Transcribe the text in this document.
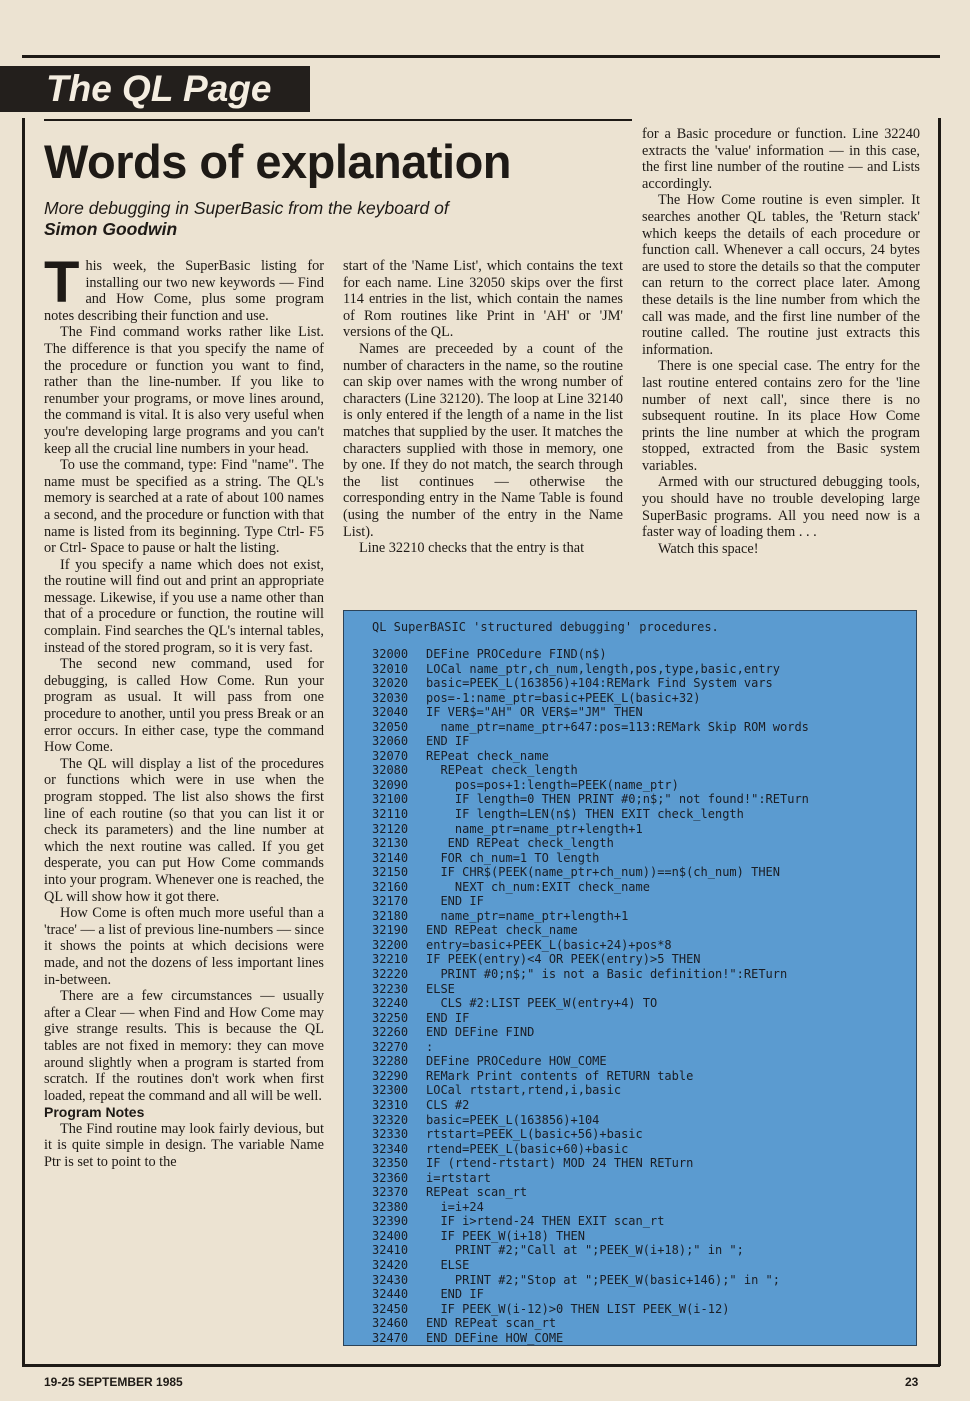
The QL Page
Words of explanation
More debugging in SuperBasic from the keyboard of
Simon Goodwin

This week, the SuperBasic listing for installing our two new keywords — Find and How Come, plus some program notes describing their function and use.

The Find command works rather like List. The difference is that you specify the name of the procedure or function you want to find, rather than the line-number. If you like to renumber your programs, or move lines around, the command is vital. It is also very useful when you're developing large programs and you can't keep all the crucial line numbers in your head.

To use the command, type: Find "name". The name must be specified as a string. The QL's memory is searched at a rate of about 100 names a second, and the procedure or function with that name is listed from its beginning. Type Ctrl- F5 or Ctrl- Space to pause or halt the listing.

If you specify a name which does not exist, the routine will find out and print an appropriate message. Likewise, if you use a name other than that of a procedure or function, the routine will complain. Find searches the QL's internal tables, instead of the stored program, so it is very fast.

The second new command, used for debugging, is called How Come. Run your program as usual. It will pass from one procedure to another, until you press Break or an error occurs. In either case, type the command How Come.

The QL will display a list of the procedures or functions which were in use when the program stopped. The list also shows the first line of each routine (so that you can list it or check its parameters) and the line number at which the next routine was called. If you get desperate, you can put How Come commands into your program. Whenever one is reached, the QL will show how it got there.

How Come is often much more useful than a 'trace' — a list of previous line-numbers — since it shows the points at which decisions were made, and not the dozens of less important lines in-between.

There are a few circumstances — usually after a Clear — when Find and How Come may give strange results. This is because the QL tables are not fixed in memory: they can move around slightly when a program is started from scratch. If the routines don't work when first loaded, repeat the command and all will be well.

Program Notes

The Find routine may look fairly devious, but it is quite simple in design. The variable Name Ptr is set to point to the

start of the 'Name List', which contains the text for each name. Line 32050 skips over the first 114 entries in the list, which contain the names of Rom routines like Print in 'AH' or 'JM' versions of the QL.

Names are preceeded by a count of the number of characters in the name, so the routine can skip over names with the wrong number of characters (Line 32120). The loop at Line 32140 is only entered if the length of a name in the list matches that supplied by the user. It matches the characters supplied with those in memory, one by one. If they do not match, the search through the list continues — otherwise the corresponding entry in the Name Table is found (using the number of the entry in the Name List).

Line 32210 checks that the entry is that

for a Basic procedure or function. Line 32240 extracts the 'value' information — in this case, the first line number of the routine — and Lists accordingly.

The How Come routine is even simpler. It searches another QL tables, the 'Return stack' which keeps the details of each procedure or function call. Whenever a call occurs, 24 bytes are used to store the details so that the computer can return to the correct place later. Among these details is the line number from which the call was made, and the first line number of the routine called. The routine just extracts this information.

There is one special case. The entry for the last routine entered contains zero for the 'line number of next call', since there is no subsequent routine. In its place How Come prints the line number at which the program stopped, extracted from the Basic system variables.

Armed with our structured debugging tools, you should have no trouble developing large SuperBasic programs. All you need now is a faster way of loading them . . .

Watch this space!

QL SuperBASIC 'structured debugging' procedures.
32000 DEFine PROCedure FIND(n$)
32010 LOCal name_ptr,ch_num,length,pos,type,basic,entry
32020 basic=PEEK_L(163856)+104:REMark Find System vars
32030 pos=-1:name_ptr=basic+PEEK_L(basic+32)
32040 IF VER$="AH" OR VER$="JM" THEN
32050  name_ptr=name_ptr+647:pos=113:REMark Skip ROM words
32060 END IF
32070 REPeat check_name
32080  REPeat check_length
32090    pos=pos+1:length=PEEK(name_ptr)
32100    IF length=0 THEN PRINT #0;n$;" not found!":RETurn
32110    IF length=LEN(n$) THEN EXIT check_length
32120    name_ptr=name_ptr+length+1
32130   END REPeat check_length
32140  FOR ch_num=1 TO length
32150  IF CHR$(PEEK(name_ptr+ch_num))==n$(ch_num) THEN
32160    NEXT ch_num:EXIT check_name
32170  END IF
32180  name_ptr=name_ptr+length+1
32190 END REPeat check_name
32200 entry=basic+PEEK_L(basic+24)+pos*8
32210 IF PEEK(entry)<4 OR PEEK(entry)>5 THEN
32220  PRINT #0;n$;" is not a Basic definition!":RETurn
32230 ELSE
32240  CLS #2:LIST PEEK_W(entry+4) TO
32250 END IF
32260 END DEFine FIND
32270 :
32280 DEFine PROCedure HOW_COME
32290 REMark Print contents of RETURN table
32300 LOCal rtstart,rtend,i,basic
32310 CLS #2
32320 basic=PEEK_L(163856)+104
32330 rtstart=PEEK_L(basic+56)+basic
32340 rtend=PEEK_L(basic+60)+basic
32350 IF (rtend-rtstart) MOD 24 THEN RETurn
32360 i=rtstart
32370 REPeat scan_rt
32380  i=i+24
32390  IF i>rtend-24 THEN EXIT scan_rt
32400  IF PEEK_W(i+18) THEN
32410    PRINT #2;"Call at ";PEEK_W(i+18);" in ";
32420  ELSE
32430    PRINT #2;"Stop at ";PEEK_W(basic+146);" in ";
32440  END IF
32450  IF PEEK_W(i-12)>0 THEN LIST PEEK_W(i-12)
32460 END REPeat scan_rt
32470 END DEFine HOW_COME
19-25 SEPTEMBER 1985	23
